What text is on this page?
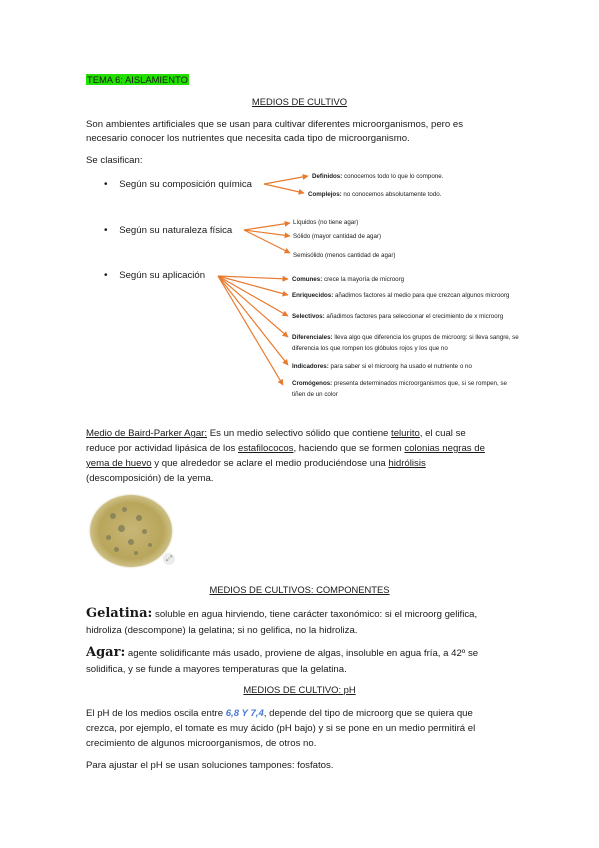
TEMA 6: AISLAMIENTO
MEDIOS DE CULTIVO
Son ambientes artificiales que se usan para cultivar diferentes microorganismos, pero es
necesario conocer los nutrientes que necesita cada tipo de microorganismo.
Se clasifican:
• Según su composición química
Definidos: conocemos todo lo que lo compone.
Complejos: no conocemos absolutamente todo.
• Según su naturaleza física
Líquidos (no tiene agar)
Sólido (mayor cantidad de agar)
Semisólido (menos cantidad de agar)
• Según su aplicación	Comunes: crece la mayoría de microorg
Enriquecidos: añadimos factores al medio para que crezcan algunos microorg
Selectivos: añadimos factores para seleccionar el crecimiento de x microorg
Diferenciales: lleva algo que diferencia los grupos de microorg: si lleva sangre, se
diferencia los que rompen los glóbulos rojos y los que no
Indicadores: para saber si el microorg ha usado el nutriente o no
Cromógenos: presenta determinados microorganismos que, si se rompen, se
tiñen de un color
Medio de Baird-Parker Agar: Es un medio selectivo sólido que contiene telurito, el cual se
reduce por actividad lipásica de los estafilococos, haciendo que se formen colonias negras de
yema de huevo y que alrededor se aclare el medio produciéndose una hidrólisis
(descomposición) de la yema.
⤢
MEDIOS DE CULTIVOS: COMPONENTES
Gelatina: soluble en agua hirviendo, tiene carácter taxonómico: si el microorg gelifica,
hidroliza (descompone) la gelatina; si no gelifica, no la hidroliza.
Agar: agente solidificante más usado, proviene de algas, insoluble en agua fría, a 42º se
solidifica, y se funde a mayores temperaturas que la gelatina.
MEDIOS DE CULTIVO: pH
El pH de los medios oscila entre 6,8 Y 7,4, depende del tipo de microorg que se quiera que
crezca, por ejemplo, el tomate es muy ácido (pH bajo) y si se pone en un medio permitirá el
crecimiento de algunos microorganismos, de otros no.
Para ajustar el pH se usan soluciones tampones: fosfatos.
